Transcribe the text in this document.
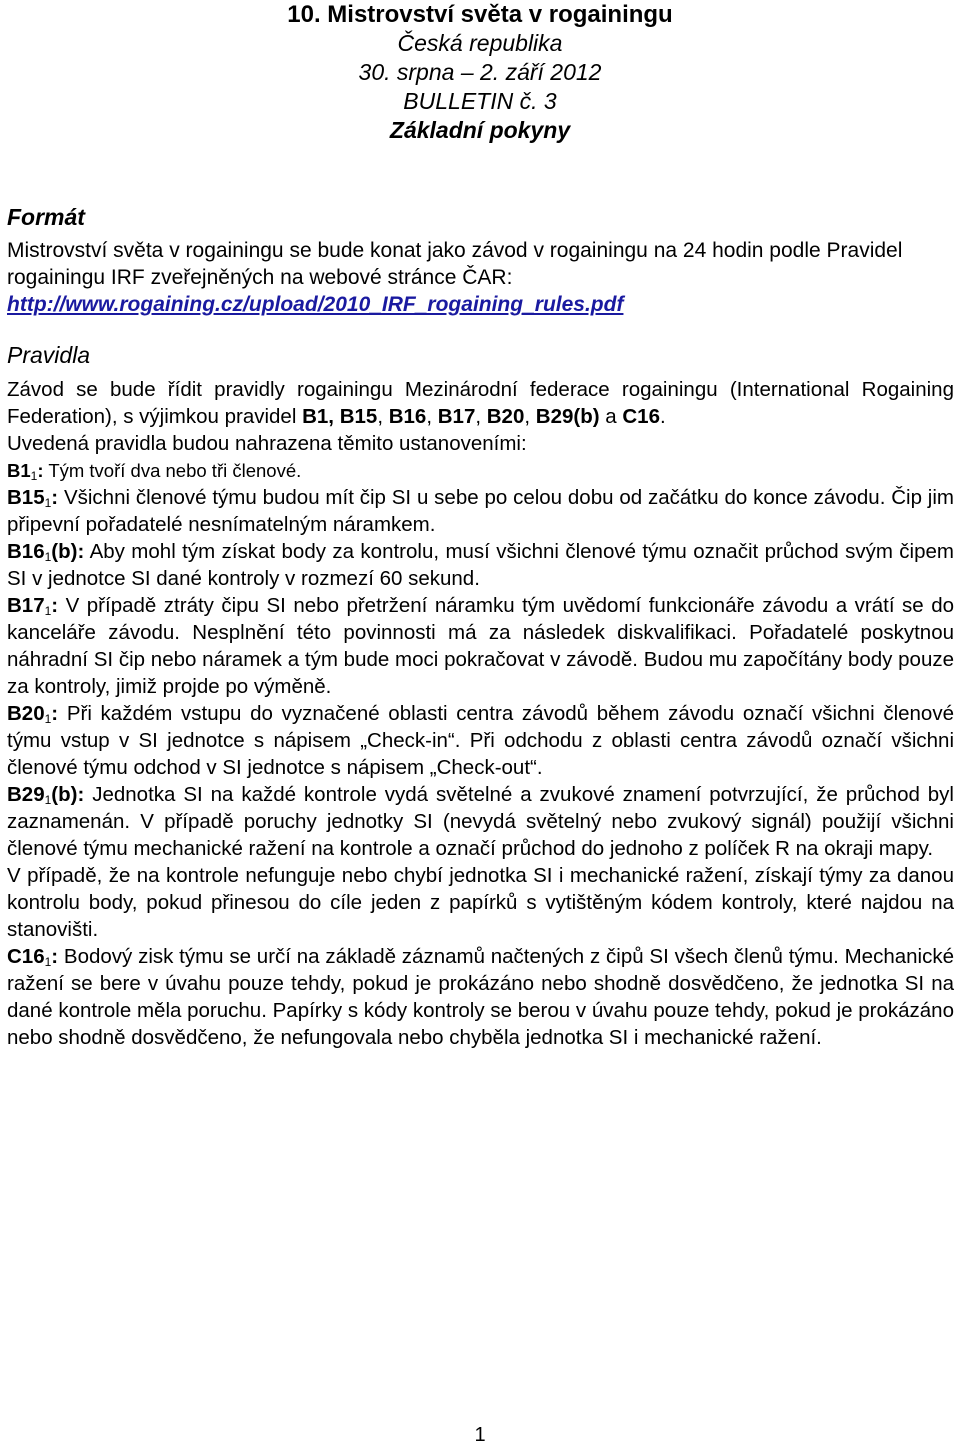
10. Mistrovství světa v rogainingu
Česká republika
30. srpna – 2. září 2012
BULLETIN č. 3
Základní pokyny
Formát

Mistrovství světa v rogainingu se bude konat jako závod v rogainingu na 24 hodin podle Pravidel rogainingu IRF zveřejněných na webové stránce ČAR:
http://www.rogaining.cz/upload/2010_IRF_rogaining_rules.pdf

Pravidla

Závod se bude řídit pravidly rogainingu Mezinárodní federace rogainingu (International Rogaining Federation), s výjimkou pravidel B1, B15, B16, B17, B20, B29(b) a C16.

Uvedená pravidla budou nahrazena těmito ustanoveními:

$B1_1$: Tým tvoří dva nebo tři členové.

$B15_1$: Všichni členové týmu budou mít čip SI u sebe po celou dobu od začátku do konce závodu. Čip jim připevní pořadatelé nesnímatelným náramkem.

$B16_1(b)$: Aby mohl tým získat body za kontrolu, musí všichni členové týmu označit průchod svým čipem SI v jednotce SI dané kontroly v rozmezí 60 sekund.

$B17_1$: V případě ztráty čipu SI nebo přetržení náramku tým uvědomí funkcionáře závodu a vrátí se do kanceláře závodu. Nesplnění této povinnosti má za následek diskvalifikaci. Pořadatelé poskytnou náhradní SI čip nebo náramek a tým bude moci pokračovat v závodě. Budou mu započítány body pouze za kontroly, jimiž projde po výměně.

$B20_1$: Při každém vstupu do vyznačené oblasti centra závodů během závodu označí všichni členové týmu vstup v SI jednotce s nápisem „Check-in“. Při odchodu z oblasti centra závodů označí všichni členové týmu odchod v SI jednotce s nápisem „Check-out“.

$B29_1(b)$: Jednotka SI na každé kontrole vydá světelné a zvukové znamení potvrzující, že průchod byl zaznamenán. V případě poruchy jednotky SI (nevydá světelný nebo zvukový signál) použijí všichni členové týmu mechanické ražení na kontrole a označí průchod do jednoho z políček R na okraji mapy.

V případě, že na kontrole nefunguje nebo chybí jednotka SI i mechanické ražení, získají týmy za danou kontrolu body, pokud přinesou do cíle jeden z papírků s vytištěným kódem kontroly, které najdou na stanovišti.

$C16_1$: Bodový zisk týmu se určí na základě záznamů načtených z čipů SI všech členů týmu. Mechanické ražení se bere v úvahu pouze tehdy, pokud je prokázáno nebo shodně dosvědčeno, že jednotka SI na dané kontrole měla poruchu. Papírky s kódy kontroly se berou v úvahu pouze tehdy, pokud je prokázáno nebo shodně dosvědčeno, že nefungovala nebo chyběla jednotka SI i mechanické ražení.

1
